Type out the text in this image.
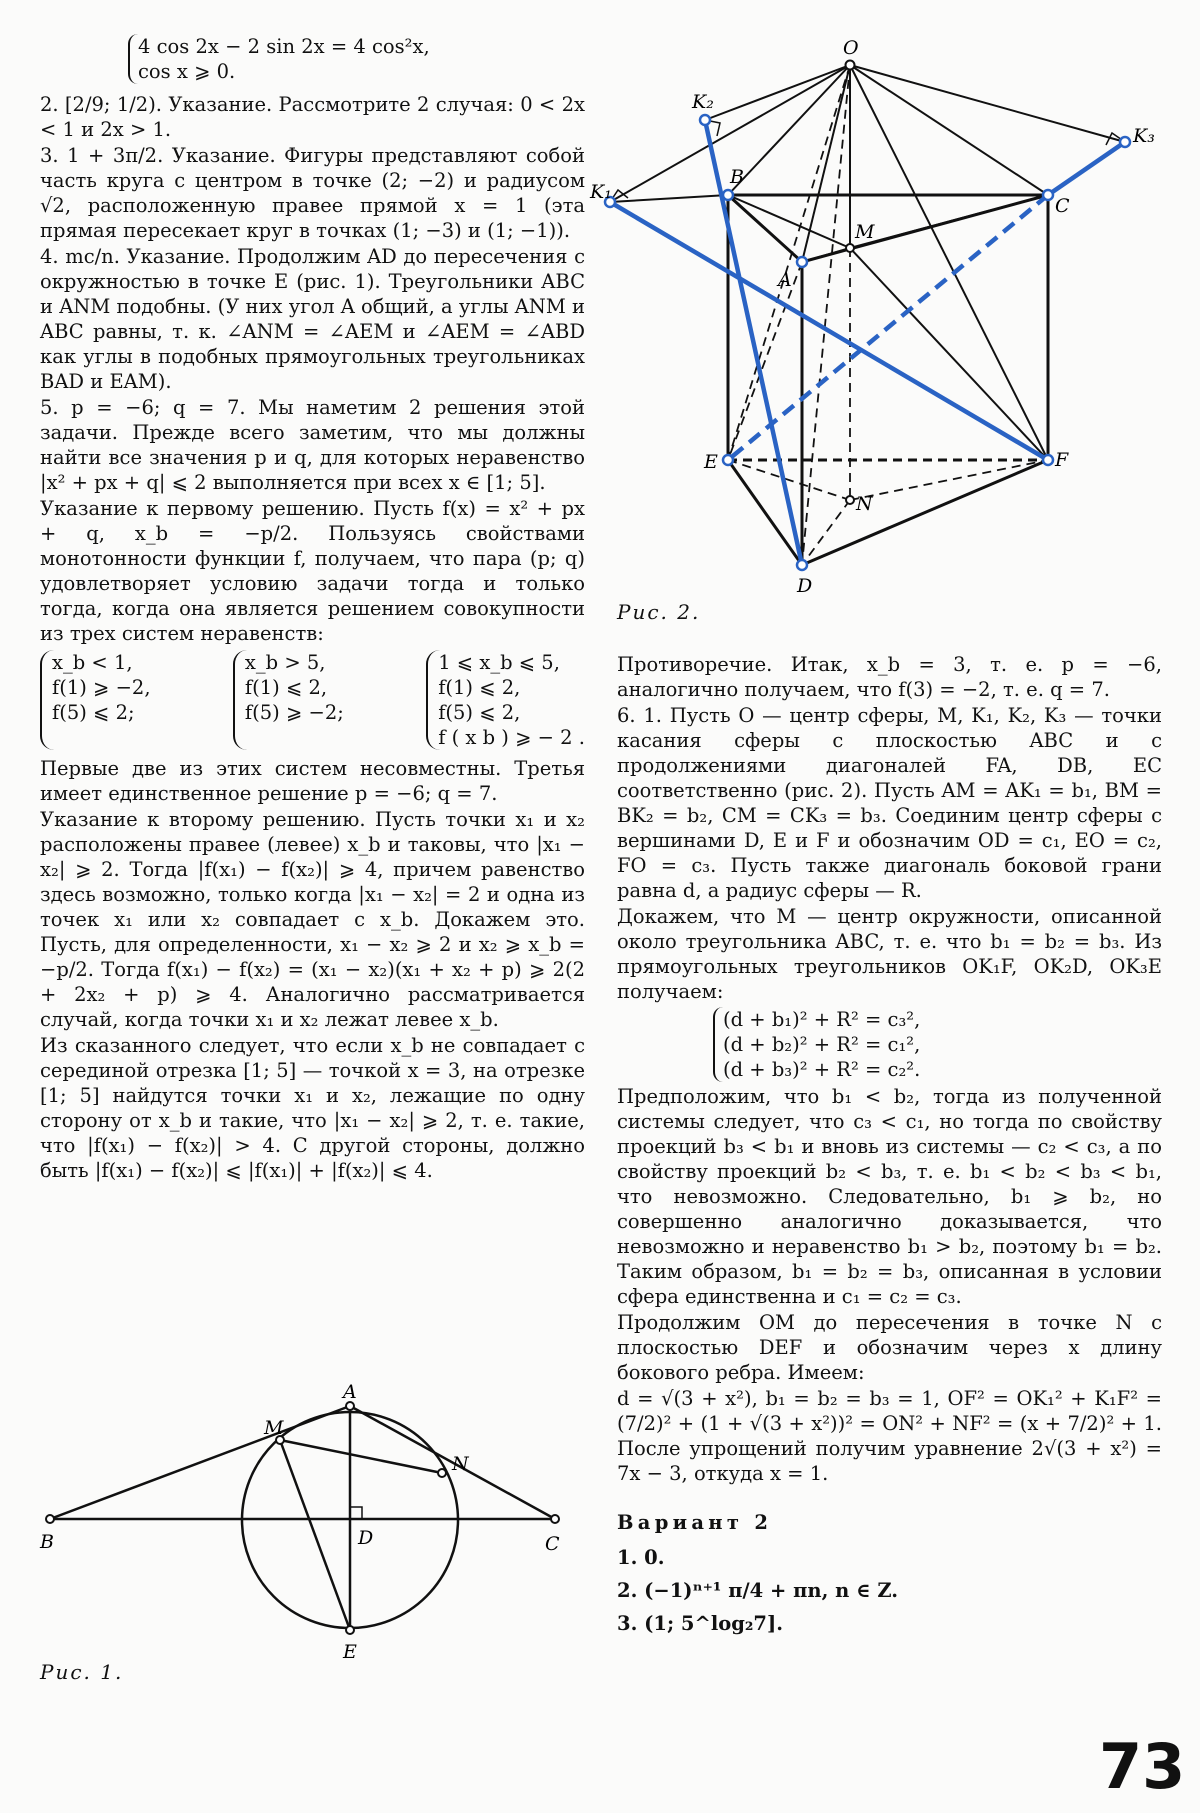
4 cos 2x − 2 sin 2x = 4 cos²x,
cos x ⩾ 0.

2. [2/9; 1/2). Указание. Рассмотрите 2 случая: 0 < 2x < 1 и 2x > 1.

3. 1 + 3π/2. Указание. Фигуры представляют собой часть круга с центром в точке (2; −2) и радиусом √2, расположенную правее прямой x = 1 (эта прямая пересекает круг в точках (1; −3) и (1; −1)).

4. mc/n. Указание. Продолжим AD до пересечения с окружностью в точке E (рис. 1). Треугольники ABC и ANM подобны. (У них угол A общий, а углы ANM и ABC равны, т. к. ∠ANM = ∠AEM и ∠AEM = ∠ABD как углы в подобных прямоугольных треугольниках BAD и EAM).

5. p = −6; q = 7. Мы наметим 2 решения этой задачи. Прежде всего заметим, что мы должны найти все значения p и q, для которых неравенство |x² + px + q| ⩽ 2 выполняется при всех x ∈ [1; 5].

Указание к первому решению. Пусть f(x) = x² + px + q, x_b = −p/2. Пользуясь свойствами монотонности функции f, получаем, что пара (p; q) удовлетворяет условию задачи тогда и только тогда, когда она является решением совокупности из трех систем неравенств:

x_b < 1,
f(1) ⩾ −2,
f(5) ⩽ 2;
x_b > 5,
f(1) ⩽ 2,
f(5) ⩾ −2;
1 ⩽ x_b ⩽ 5,
f(1) ⩽ 2,
f(5) ⩽ 2,
f ( x b ) ⩾ − 2 .

Первые две из этих систем несовместны. Третья имеет единственное решение p = −6; q = 7.

Указание к второму решению. Пусть точки x₁ и x₂ расположены правее (левее) x_b и таковы, что |x₁ − x₂| ⩾ 2. Тогда |f(x₁) − f(x₂)| ⩾ 4, причем равенство здесь возможно, только когда |x₁ − x₂| = 2 и одна из точек x₁ или x₂ совпадает с x_b. Докажем это. Пусть, для определенности, x₁ − x₂ ⩾ 2 и x₂ ⩾ x_b = −p/2. Тогда f(x₁) − f(x₂) = (x₁ − x₂)(x₁ + x₂ + p) ⩾ 2(2 + 2x₂ + p) ⩾ 4. Аналогично рассматривается случай, когда точки x₁ и x₂ лежат левее x_b.

Из сказанного следует, что если x_b не совпадает с серединой отрезка [1; 5] — точкой x = 3, на отрезке [1; 5] найдутся точки x₁ и x₂, лежащие по одну сторону от x_b и такие, что |x₁ − x₂| ⩾ 2, т. е. такие, что |f(x₁) − f(x₂)| > 4. С другой стороны, должно быть |f(x₁) − f(x₂)| ⩽ |f(x₁)| + |f(x₂)| ⩽ 4.

B	C
A
D
E
M
N
Рис. 1.
O
K₂
K₃
K₁
B
C
M
A
E	F
N
D
Рис. 2.

Противоречие. Итак, x_b = 3, т. е. p = −6, аналогично получаем, что f(3) = −2, т. е. q = 7.

6. 1. Пусть O — центр сферы, M, K₁, K₂, K₃ — точки касания сферы с плоскостью ABC и с продолжениями диагоналей FA, DB, EC соответственно (рис. 2). Пусть AM = AK₁ = b₁, BM = BK₂ = b₂, CM = CK₃ = b₃. Соединим центр сферы с вершинами D, E и F и обозначим OD = c₁, EO = c₂, FO = c₃. Пусть также диагональ боковой грани равна d, а радиус сферы — R.

Докажем, что M — центр окружности, описанной около треугольника ABC, т. е. что b₁ = b₂ = b₃. Из прямоугольных треугольников OK₁F, OK₂D, OK₃E получаем:

(d + b₁)² + R² = c₃²,
(d + b₂)² + R² = c₁²,
(d + b₃)² + R² = c₂².

Предположим, что b₁ < b₂, тогда из полученной системы следует, что c₃ < c₁, но тогда по свойству проекций b₃ < b₁ и вновь из системы — c₂ < c₃, а по свойству проекций b₂ < b₃, т. е. b₁ < b₂ < b₃ < b₁, что невозможно. Следовательно, b₁ ⩾ b₂, но совершенно аналогично доказывается, что невозможно и неравенство b₁ > b₂, поэтому b₁ = b₂. Таким образом, b₁ = b₂ = b₃, описанная в условии сфера единственна и c₁ = c₂ = c₃.

Продолжим OM до пересечения в точке N с плоскостью DEF и обозначим через x длину бокового ребра. Имеем:

d = √(3 + x²), b₁ = b₂ = b₃ = 1, OF² = OK₁² + K₁F² = (7/2)² + (1 + √(3 + x²))² = ON² + NF² = (x + 7/2)² + 1. После упрощений получим уравнение 2√(3 + x²) = 7x − 3, откуда x = 1.

Вариант 2
1. 0.
2. (−1)ⁿ⁺¹ π/4 + πn, n ∈ Z.
3. (1; 5^log₂7].
73
